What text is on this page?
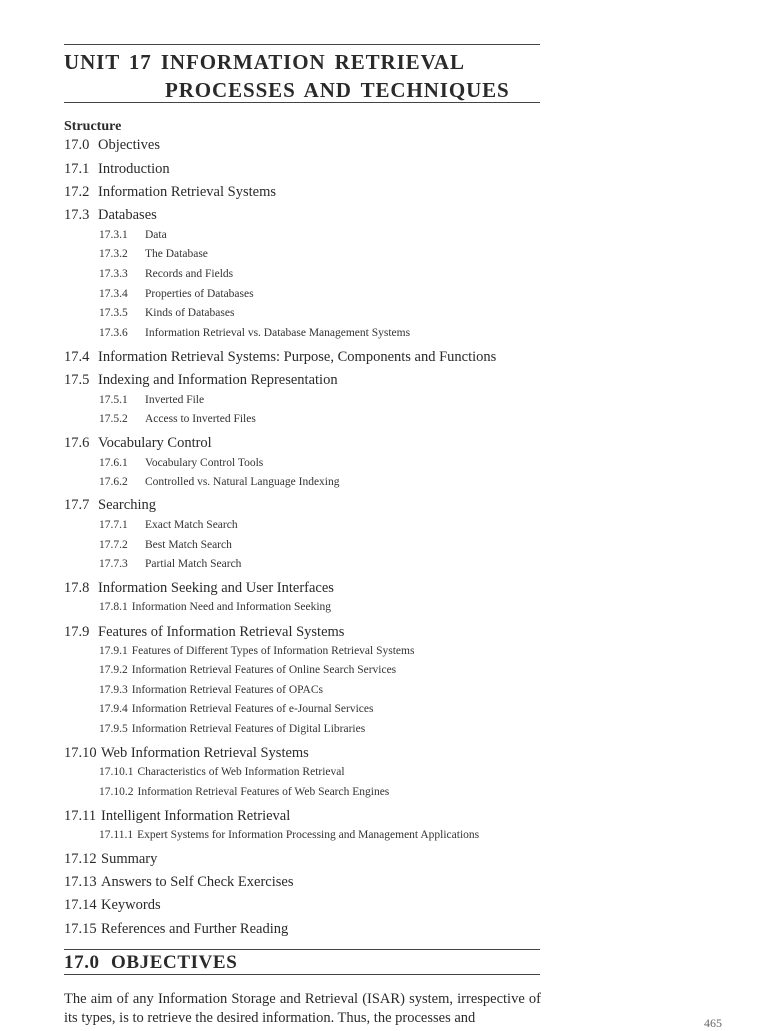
UNIT 17 INFORMATION RETRIEVAL
PROCESSES AND TECHNIQUES
Structure
17.0 Objectives
17.1 Introduction
17.2 Information Retrieval Systems
17.3 Databases
17.3.1 Data
17.3.2 The Database
17.3.3 Records and Fields
17.3.4 Properties of Databases
17.3.5 Kinds of Databases
17.3.6 Information Retrieval vs. Database Management Systems
17.4 Information Retrieval Systems: Purpose, Components and Functions
17.5 Indexing and Information Representation
17.5.1 Inverted File
17.5.2 Access to Inverted Files
17.6 Vocabulary Control
17.6.1 Vocabulary Control Tools
17.6.2 Controlled vs. Natural Language Indexing
17.7 Searching
17.7.1 Exact Match Search
17.7.2 Best Match Search
17.7.3 Partial Match Search
17.8 Information Seeking and User Interfaces
17.8.1 Information Need and Information Seeking
17.9 Features of Information Retrieval Systems
17.9.1 Features of Different Types of Information Retrieval Systems
17.9.2 Information Retrieval Features of Online Search Services
17.9.3 Information Retrieval Features of OPACs
17.9.4 Information Retrieval Features of e-Journal Services
17.9.5 Information Retrieval Features of Digital Libraries
17.10 Web Information Retrieval Systems
17.10.1 Characteristics of Web Information Retrieval
17.10.2 Information Retrieval Features of Web Search Engines
17.11 Intelligent Information Retrieval
17.11.1 Expert Systems for Information Processing and Management Applications
17.12 Summary
17.13 Answers to Self Check Exercises
17.14 Keywords
17.15 References and Further Reading
17.0 OBJECTIVES

The aim of any Information Storage and Retrieval (ISAR) system, irrespective of its types, is to retrieve the desired information. Thus, the processes and	465
